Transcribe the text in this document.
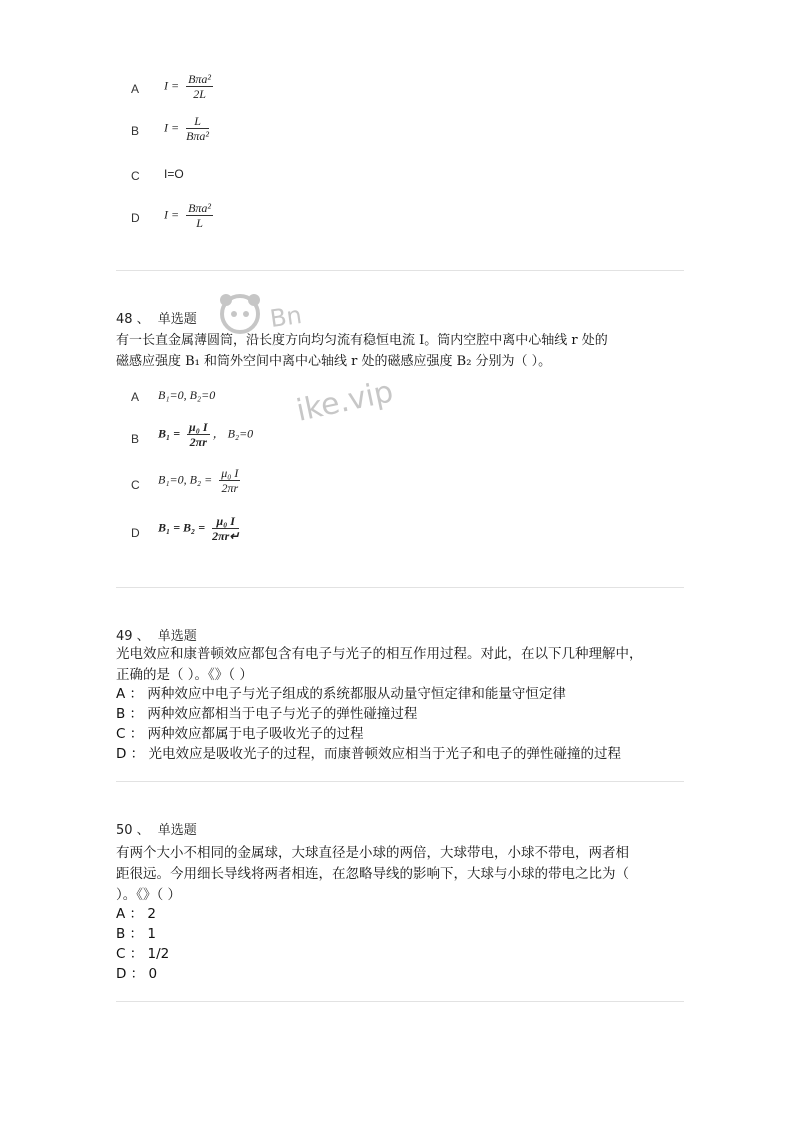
A $I = \frac{\text{Bπa²}}{2L}$
B $I = \frac{L}{\text{Bπa²}}$
C I=O
D $I = \frac{\text{Bπa²}}{L}$
Bn
ike.vip
48 、 单选题
有一长直金属薄圆筒，沿长度方向均匀流有稳恒电流 I。筒内空腔中离中心轴线 r 处的
磁感应强度 B₁ 和筒外空间中离中心轴线 r 处的磁感应强度 B₂ 分别为（ ）。
A B₁=0, B₂=0
B $B_1 = \frac{\text{μ₀ I}}{2\pi r}$ ， B₂=0
C B₁=0, $B_2 = \frac{\text{μ₀ I}}{2\pi r}$
D $B_1 = B_2 = \frac{\text{μ₀ I}}{2\pi r↵}$
49 、 单选题
光电效应和康普顿效应都包含有电子与光子的相互作用过程。对此，在以下几种理解中，
正确的是（ ）。《》（ ）
A ： 两种效应中电子与光子组成的系统都服从动量守恒定律和能量守恒定律
B ： 两种效应都相当于电子与光子的弹性碰撞过程
C ： 两种效应都属于电子吸收光子的过程
D ： 光电效应是吸收光子的过程，而康普顿效应相当于光子和电子的弹性碰撞的过程
50 、 单选题
有两个大小不相同的金属球，大球直径是小球的两倍，大球带电，小球不带电，两者相
距很远。今用细长导线将两者相连，在忽略导线的影响下，大球与小球的带电之比为（
）。《》（ ）
A ： 2
B ： 1
C ： 1/2
D ： 0
